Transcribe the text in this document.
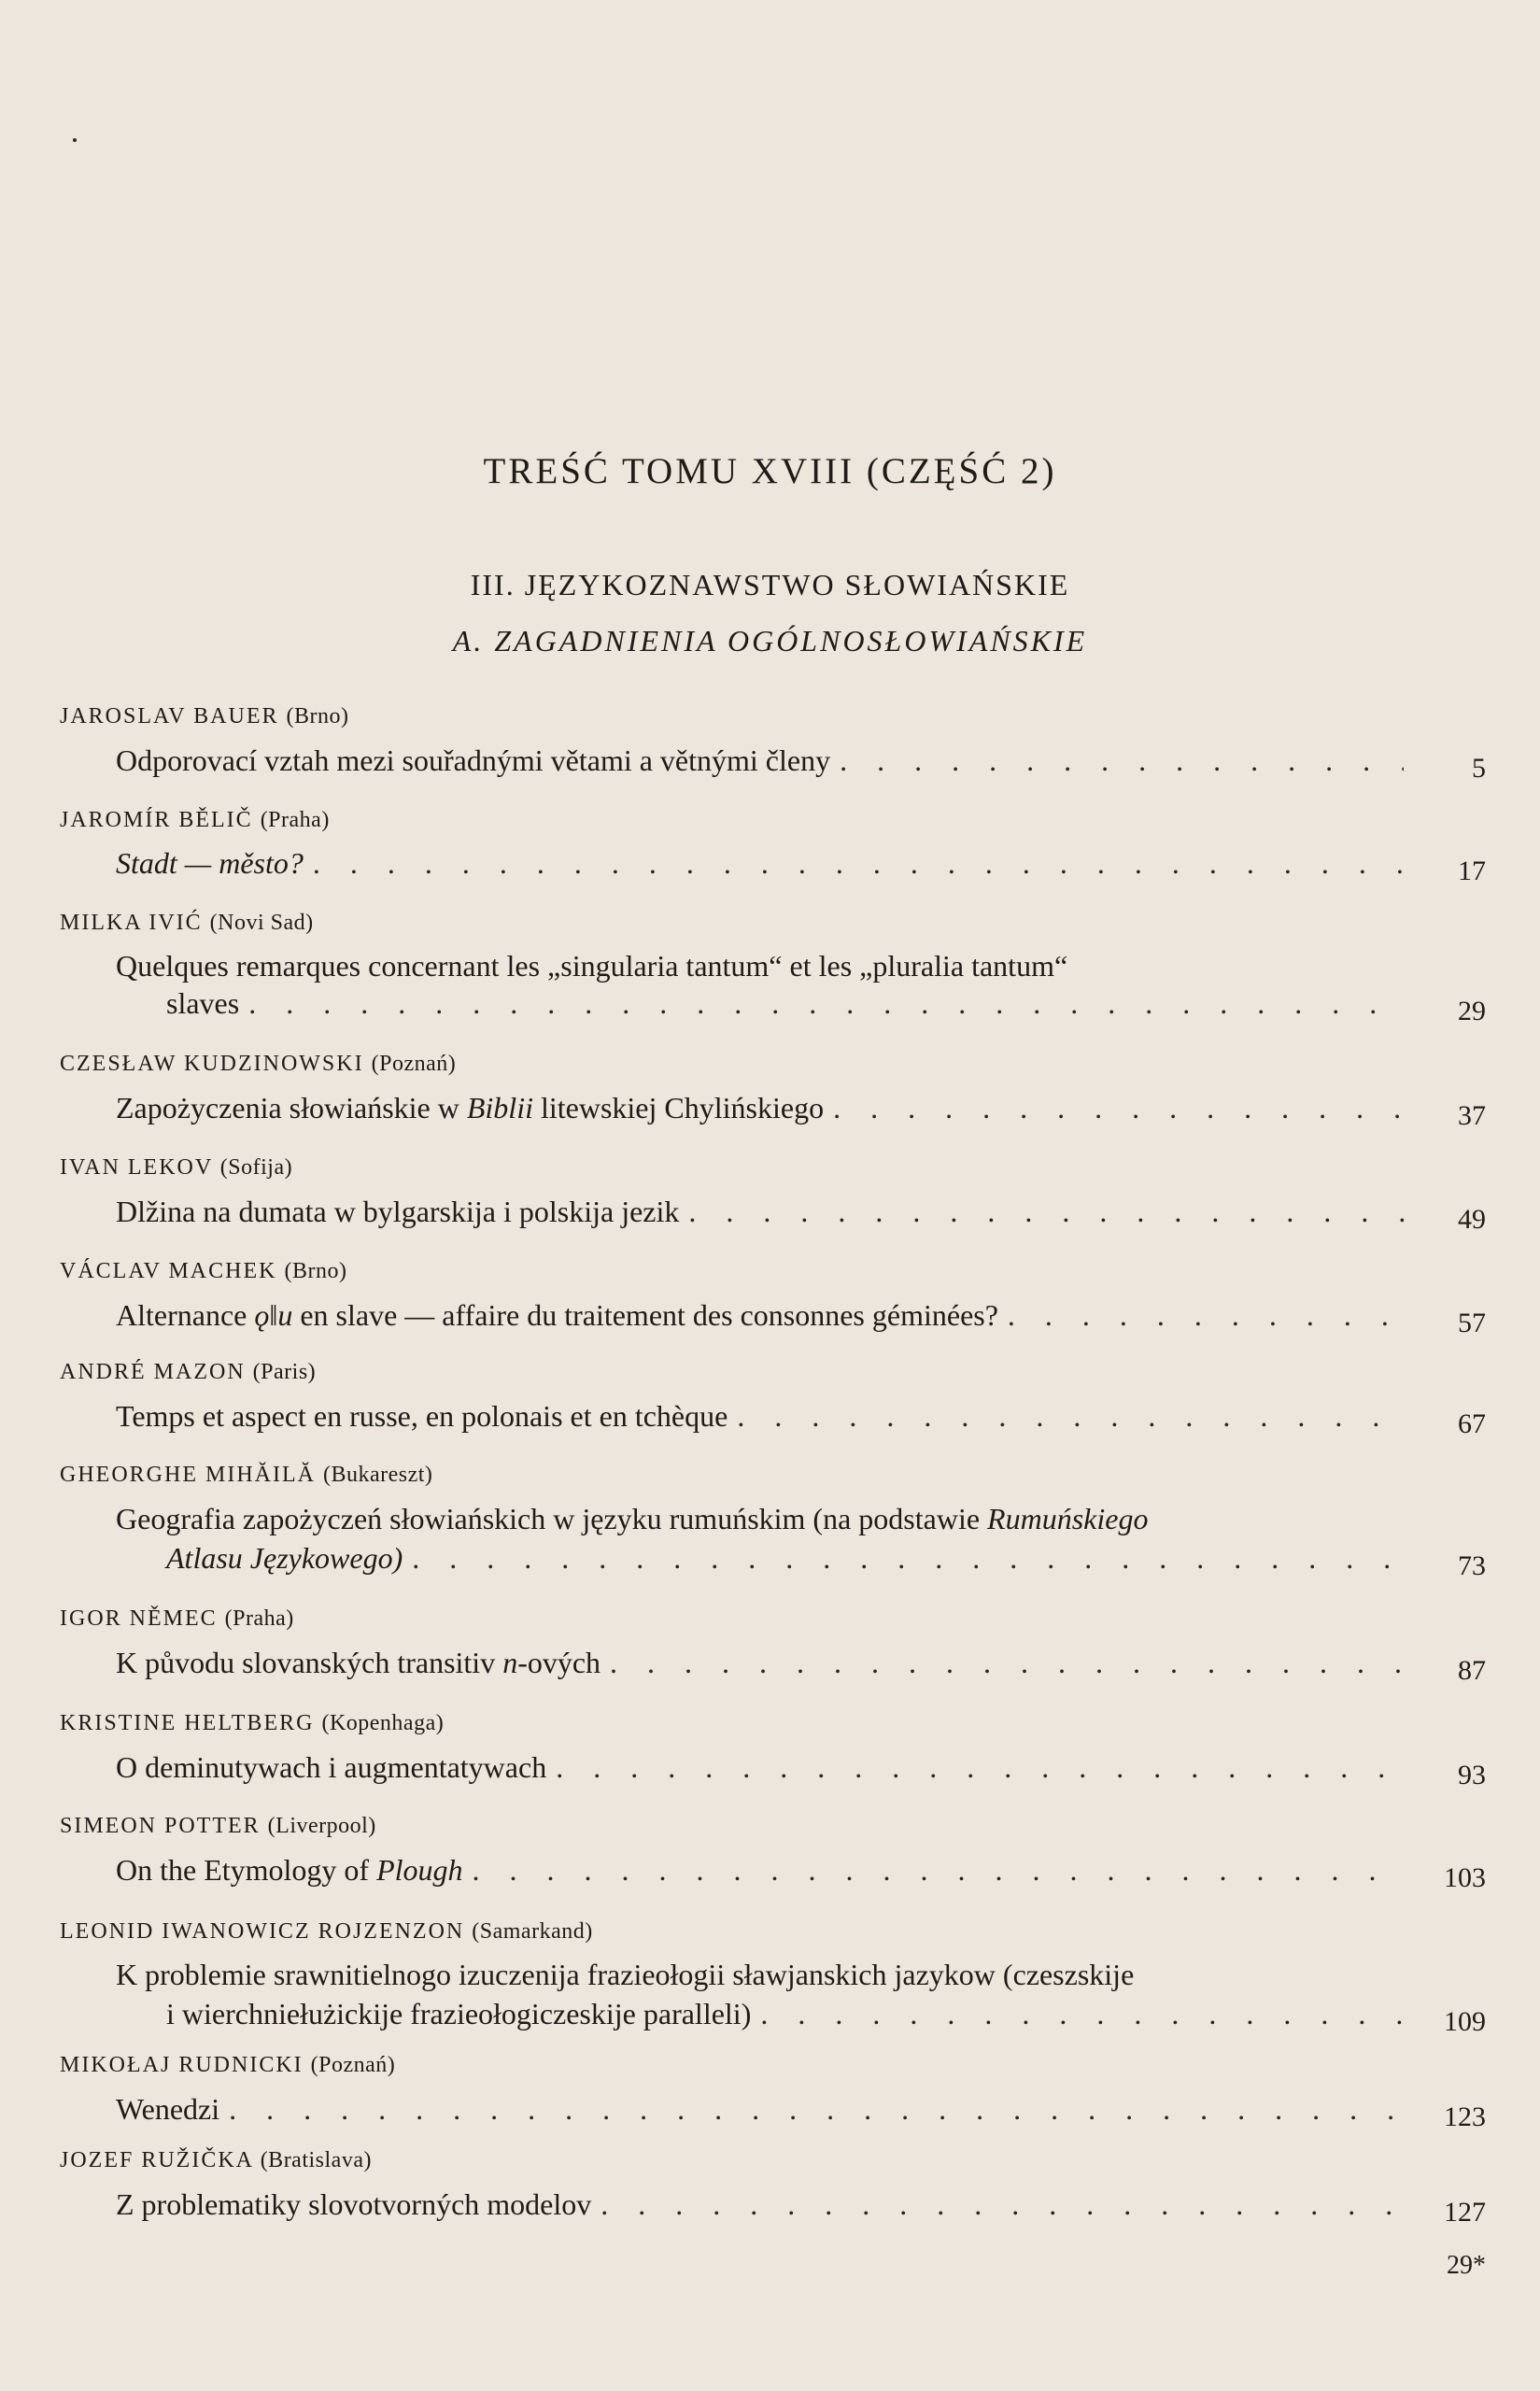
TREŚĆ TOMU XVIII (CZĘŚĆ 2)
III. JĘZYKOZNAWSTWO SŁOWIAŃSKIE
A. ZAGADNIENIA OGÓLNOSŁOWIAŃSKIE
JAROSLAV BAUER (Brno)
Odporovací vztah mezi souřadnými větami a větnými členy . . .	5
JAROMÍR BĚLIČ (Praha)
Stadt — město? . . .	17
MILKA IVIĆ (Novi Sad)
Quelques remarques concernant les „singularia tantum“ et les „pluralia tantum“
slaves . . .	29
CZESŁAW KUDZINOWSKI (Poznań)
Zapożyczenia słowiańskie w Biblii litewskiej Chylińskiego . . .	37
IVAN LEKOV (Sofija)
Dlžina na dumata w bylgarskija i polskija jezik . . .	49
VÁCLAV MACHEK (Brno)
Alternance ǫ‖u en slave — affaire du traitement des consonnes géminées? . . .	57
ANDRÉ MAZON (Paris)
Temps et aspect en russe, en polonais et en tchèque . . .	67
GHEORGHE MIHĂILĂ (Bukareszt)
Geografia zapożyczeń słowiańskich w języku rumuńskim (na podstawie Rumuńskiego
Atlasu Językowego) . . .	73
IGOR NĚMEC (Praha)
K původu slovanských transitiv n-ových . . .	87
KRISTINE HELTBERG (Kopenhaga)
O deminutywach i augmentatywach . . .	93
SIMEON POTTER (Liverpool)
On the Etymology of Plough . . .	103
LEONID IWANOWICZ ROJZENZON (Samarkand)
K problemie srawnitielnogo izuczenija frazieołogii sławjanskich jazykow (czeszskije
i wierchniełużickije frazieołogiczeskije paralleli) . . .	109
MIKOŁAJ RUDNICKI (Poznań)
Wenedzi . . .	123
JOZEF RUŽIČKA (Bratislava)
Z problematiky slovotvorných modelov . . .	127
29*
